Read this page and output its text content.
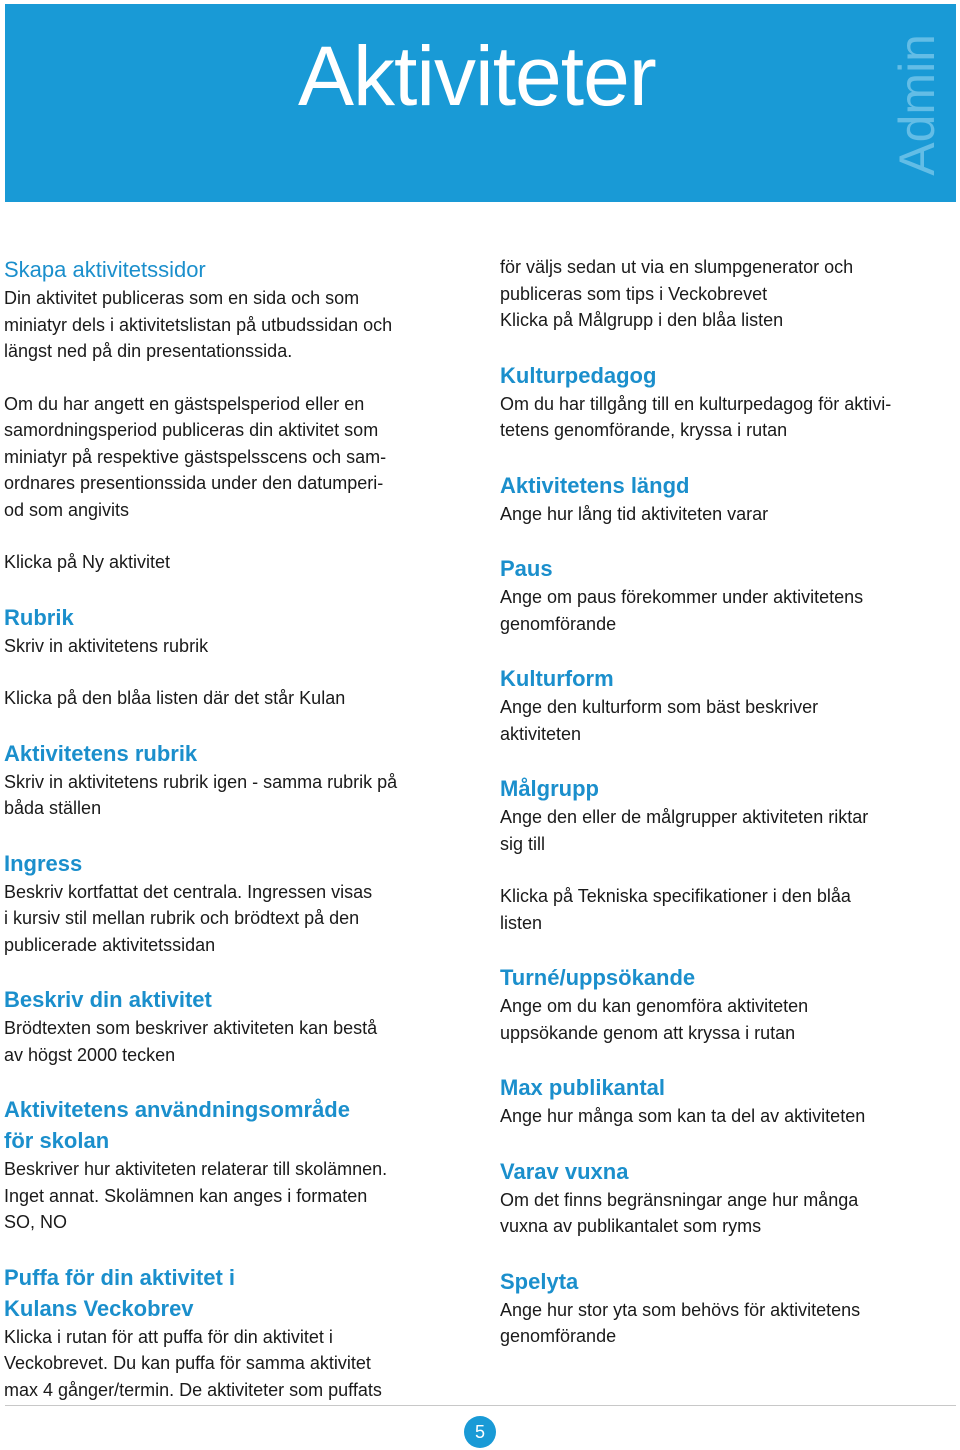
Aktiviteter	Admin
Skapa aktivitetssidor
Din aktivitet publiceras som en sida och som
miniatyr dels i aktivitetslistan på utbudssidan och
längst ned på din presentationssida.
Om du har angett en gästspelsperiod eller en
samordningsperiod publiceras din aktivitet som
miniatyr på respektive gästspelsscens och sam-
ordnares presentionssida under den datumperi-
od som angivits
Klicka på Ny aktivitet
Rubrik
Skriv in aktivitetens rubrik
Klicka på den blåa listen där det står Kulan
Aktivitetens rubrik
Skriv in aktivitetens rubrik igen - samma rubrik på
båda ställen
Ingress
Beskriv kortfattat det centrala. Ingressen visas
i kursiv stil mellan rubrik och brödtext på den
publicerade aktivitetssidan
Beskriv din aktivitet
Brödtexten som beskriver aktiviteten kan bestå
av högst 2000 tecken
Aktivitetens användningsområde
för skolan
Beskriver hur aktiviteten relaterar till skolämnen.
Inget annat. Skolämnen kan anges i formaten
SO, NO
Puffa för din aktivitet i
Kulans Veckobrev
Klicka i rutan för att puffa för din aktivitet i
Veckobrevet. Du kan puffa för samma aktivitet
max 4 gånger/termin. De aktiviteter som puffats
för väljs sedan ut via en slumpgenerator och
publiceras som tips i Veckobrevet
Klicka på Målgrupp i den blåa listen
Kulturpedagog
Om du har tillgång till en kulturpedagog för aktivi-
tetens genomförande, kryssa i rutan
Aktivitetens längd
Ange hur lång tid aktiviteten varar
Paus
Ange om paus förekommer under aktivitetens
genomförande
Kulturform
Ange den kulturform som bäst beskriver
aktiviteten
Målgrupp
Ange den eller de målgrupper aktiviteten riktar
sig till
Klicka på Tekniska specifikationer i den blåa
listen
Turné/uppsökande
Ange om du kan genomföra aktiviteten
uppsökande genom att kryssa i rutan
Max publikantal
Ange hur många som kan ta del av aktiviteten
Varav vuxna
Om det finns begränsningar ange hur många
vuxna av publikantalet som ryms
Spelyta
Ange hur stor yta som behövs för aktivitetens
genomförande
5
